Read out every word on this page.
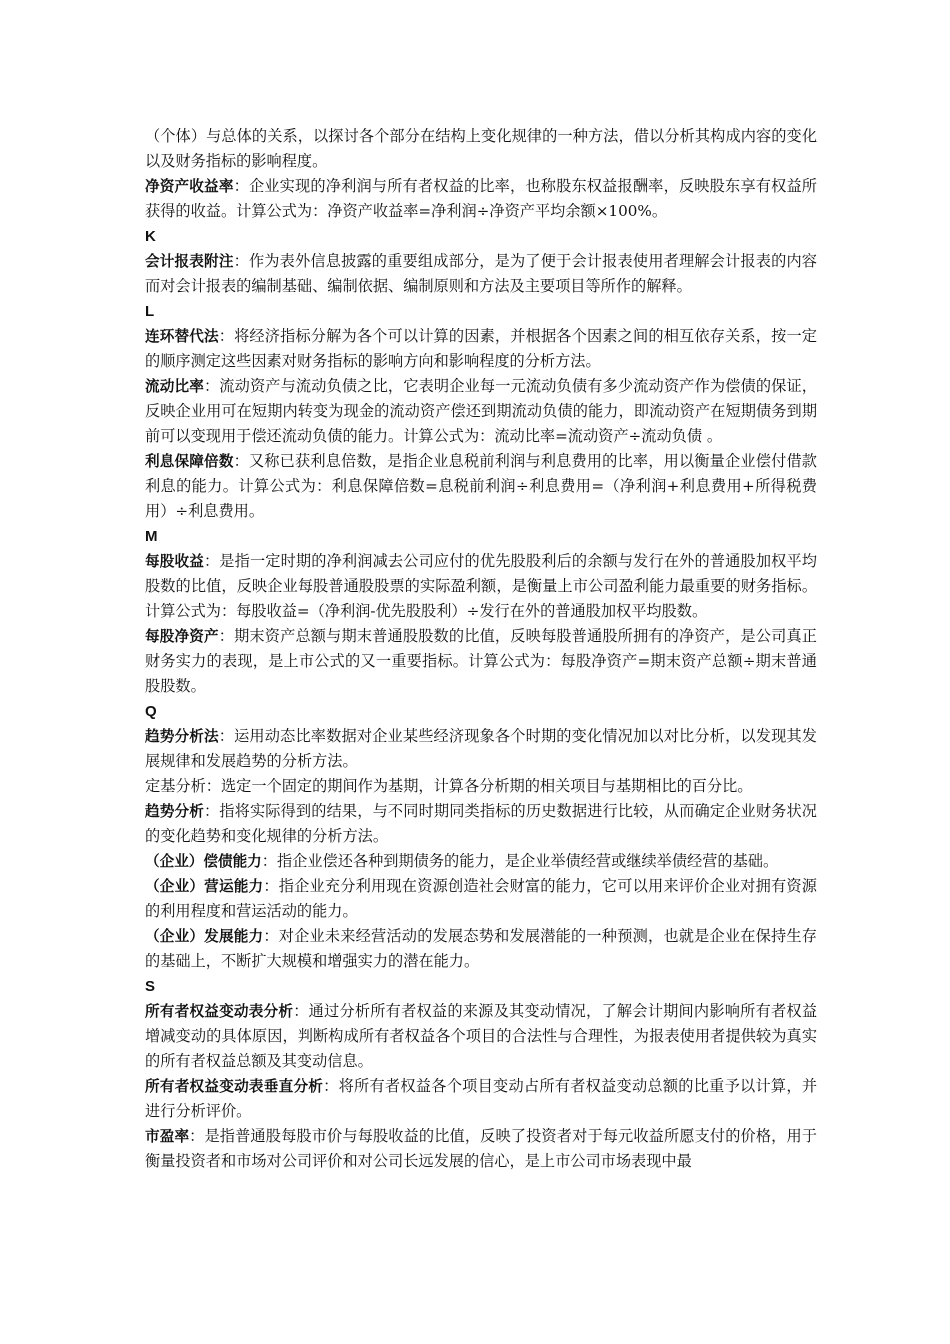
（个体）与总体的关系，以探讨各个部分在结构上变化规律的一种方法，借以分析其构成内容的变化以及财务指标的影响程度。

净资产收益率：企业实现的净利润与所有者权益的比率，也称股东权益报酬率，反映股东享有权益所获得的收益。计算公式为：净资产收益率=净利润÷净资产平均余额×100%。

K

会计报表附注：作为表外信息披露的重要组成部分，是为了便于会计报表使用者理解会计报表的内容而对会计报表的编制基础、编制依据、编制原则和方法及主要项目等所作的解释。

L

连环替代法：将经济指标分解为各个可以计算的因素，并根据各个因素之间的相互依存关系，按一定的顺序测定这些因素对财务指标的影响方向和影响程度的分析方法。

流动比率：流动资产与流动负债之比，它表明企业每一元流动负债有多少流动资产作为偿债的保证，反映企业用可在短期内转变为现金的流动资产偿还到期流动负债的能力，即流动资产在短期债务到期前可以变现用于偿还流动负债的能力。计算公式为：流动比率=流动资产÷流动负债 。

利息保障倍数：又称已获利息倍数，是指企业息税前利润与利息费用的比率，用以衡量企业偿付借款利息的能力。计算公式为：利息保障倍数=息税前利润÷利息费用=（净利润+利息费用+所得税费用）÷利息费用。

M

每股收益：是指一定时期的净利润减去公司应付的优先股股利后的余额与发行在外的普通股加权平均股数的比值，反映企业每股普通股股票的实际盈利额，是衡量上市公司盈利能力最重要的财务指标。计算公式为：每股收益=（净利润-优先股股利）÷发行在外的普通股加权平均股数。

每股净资产：期末资产总额与期末普通股股数的比值，反映每股普通股所拥有的净资产，是公司真正财务实力的表现，是上市公式的又一重要指标。计算公式为：每股净资产=期末资产总额÷期末普通股股数。

Q

趋势分析法：运用动态比率数据对企业某些经济现象各个时期的变化情况加以对比分析，以发现其发展规律和发展趋势的分析方法。

定基分析：选定一个固定的期间作为基期，计算各分析期的相关项目与基期相比的百分比。

趋势分析：指将实际得到的结果，与不同时期同类指标的历史数据进行比较，从而确定企业财务状况的变化趋势和变化规律的分析方法。

（企业）偿债能力：指企业偿还各种到期债务的能力，是企业举债经营或继续举债经营的基础。

（企业）营运能力：指企业充分利用现在资源创造社会财富的能力，它可以用来评价企业对拥有资源的利用程度和营运活动的能力。

（企业）发展能力：对企业未来经营活动的发展态势和发展潜能的一种预测，也就是企业在保持生存的基础上，不断扩大规模和增强实力的潜在能力。

S

所有者权益变动表分析：通过分析所有者权益的来源及其变动情况，了解会计期间内影响所有者权益增减变动的具体原因，判断构成所有者权益各个项目的合法性与合理性，为报表使用者提供较为真实的所有者权益总额及其变动信息。

所有者权益变动表垂直分析：将所有者权益各个项目变动占所有者权益变动总额的比重予以计算，并进行分析评价。

市盈率：是指普通股每股市价与每股收益的比值，反映了投资者对于每元收益所愿支付的价格，用于衡量投资者和市场对公司评价和对公司长远发展的信心，是上市公司市场表现中最
